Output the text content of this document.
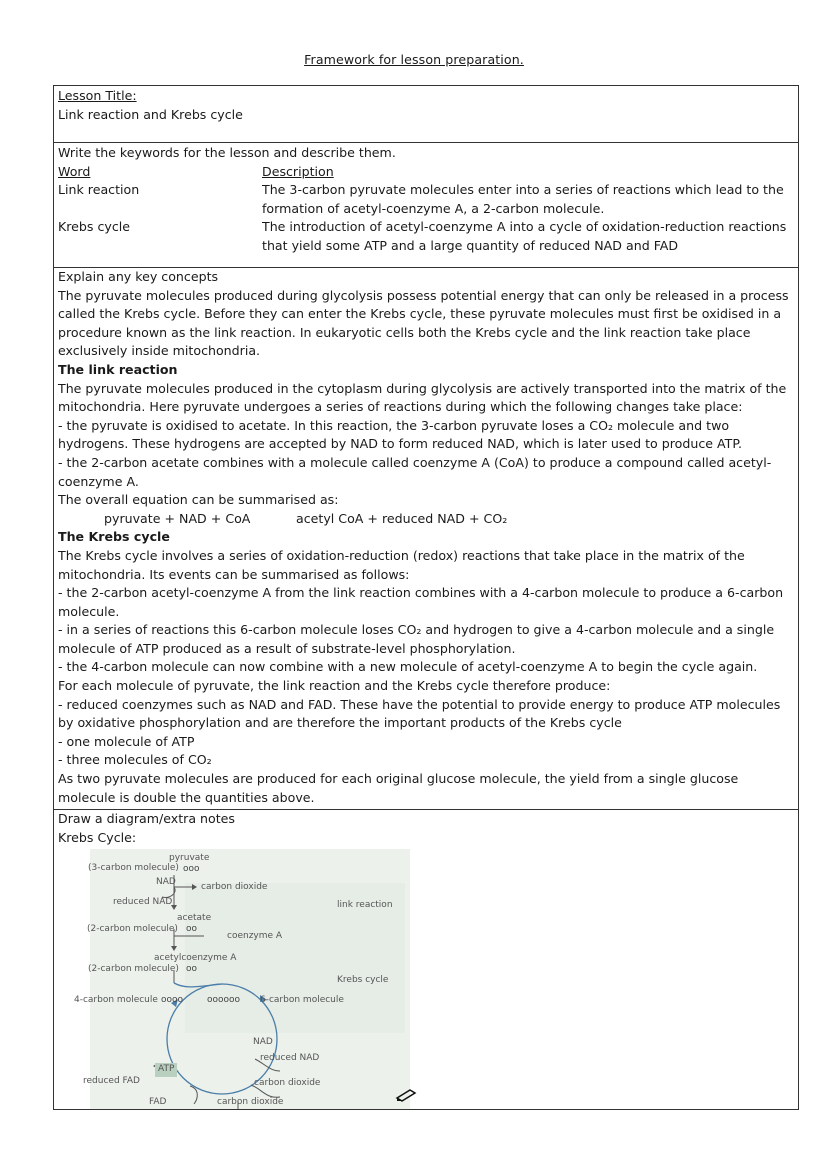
Framework for lesson preparation.

Lesson Title:

Link reaction and Krebs cycle

Write the keywords for the lesson and describe them.

Word	Description
Link reaction	The 3-carbon pyruvate molecules enter into a series of reactions which lead to the formation of acetyl-coenzyme A, a 2-carbon molecule.
Krebs cycle	The introduction of acetyl-coenzyme A into a cycle of oxidation-reduction reactions that yield some ATP and a large quantity of reduced NAD and FAD

Explain any key concepts

The pyruvate molecules produced during glycolysis possess potential energy that can only be released in a process called the Krebs cycle. Before they can enter the Krebs cycle, these pyruvate molecules must first be oxidised in a procedure known as the link reaction. In eukaryotic cells both the Krebs cycle and the link reaction take place exclusively inside mitochondria.

The link reaction

The pyruvate molecules produced in the cytoplasm during glycolysis are actively transported into the matrix of the mitochondria. Here pyruvate undergoes a series of reactions during which the following changes take place:

- the pyruvate is oxidised to acetate. In this reaction, the 3-carbon pyruvate loses a CO₂ molecule and two hydrogens. These hydrogens are accepted by NAD to form reduced NAD, which is later used to produce ATP.

- the 2-carbon acetate combines with a molecule called coenzyme A (CoA) to produce a compound called acetyl-coenzyme A.

The overall equation can be summarised as:

pyruvate + NAD + CoA	acetyl CoA + reduced NAD + CO₂

The Krebs cycle

The Krebs cycle involves a series of oxidation-reduction (redox) reactions that take place in the matrix of the mitochondria. Its events can be summarised as follows:

- the 2-carbon acetyl-coenzyme A from the link reaction combines with a 4-carbon molecule to produce a 6-carbon molecule.

- in a series of reactions this 6-carbon molecule loses CO₂ and hydrogen to give a 4-carbon molecule and a single molecule of ATP produced as a result of substrate-level phosphorylation.

- the 4-carbon molecule can now combine with a new molecule of acetyl-coenzyme A to begin the cycle again.

For each molecule of pyruvate, the link reaction and the Krebs cycle therefore produce:

- reduced coenzymes such as NAD and FAD. These have the potential to provide energy to produce ATP molecules by oxidative phosphorylation and are therefore the important products of the Krebs cycle

- one molecule of ATP

- three molecules of CO₂

As two pyruvate molecules are produced for each original glucose molecule, the yield from a single glucose molecule is double the quantities above.

Draw a diagram/extra notes

Krebs Cycle:

pyruvate
(3-carbon molecule) ooo
NAD	carbon dioxide
reduced NAD	link reaction
acetate
(2-carbon molecule) oo
coenzyme A
acetylcoenzyme A
(2-carbon molecule) oo
Krebs cycle
4-carbon molecule oooo	oooooo 6-carbon molecule
ATP
NAD
reduced NAD
reduced FAD	carbon dioxide
FAD	carbon dioxide
